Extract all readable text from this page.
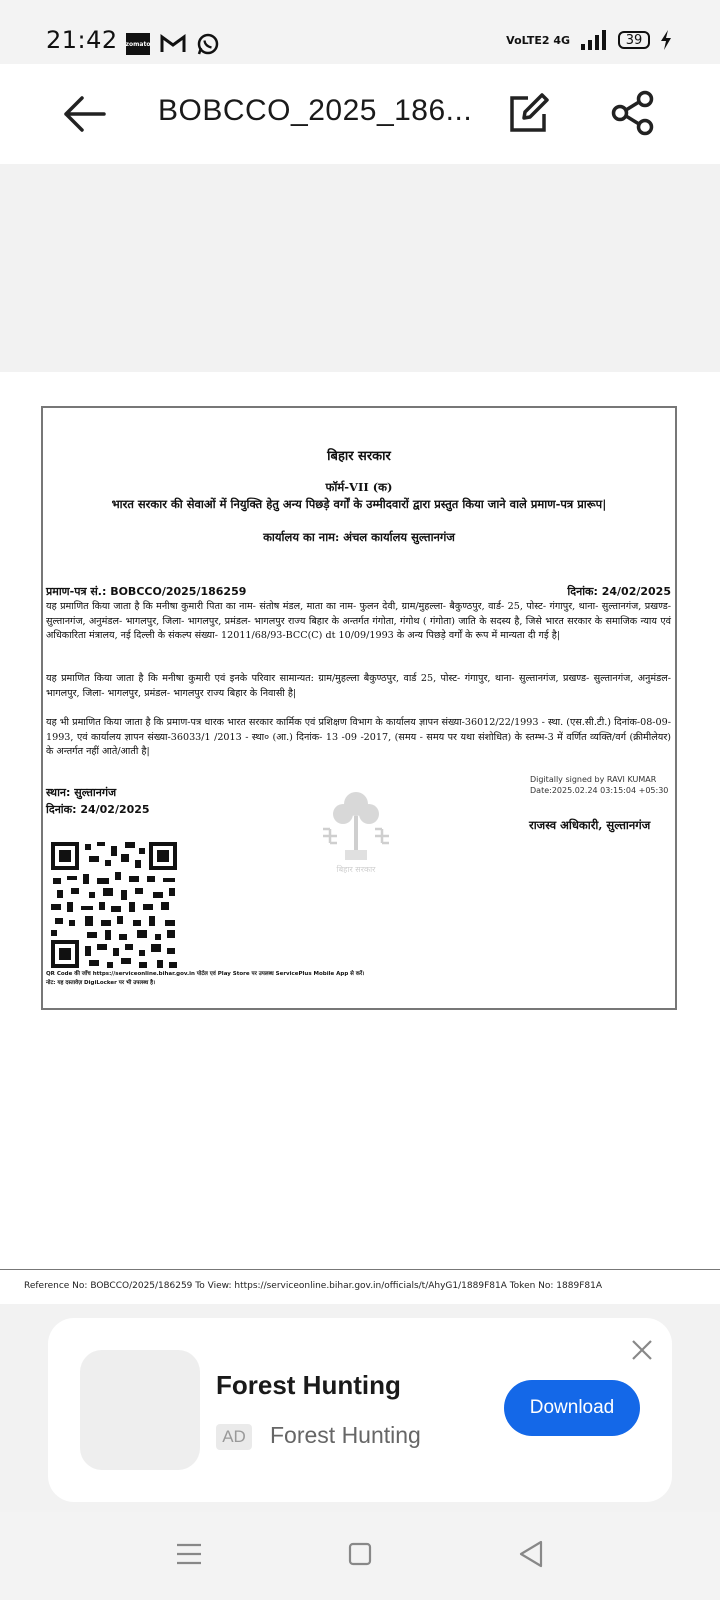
21:42 zomato	VoLTE2 4G	39
BOBCCO_2025_186...
बिहार सरकार
फॉर्म-VII (क)
भारत सरकार की सेवाओं में नियुक्ति हेतु अन्य पिछड़े वर्गों के उम्मीदवारों द्वारा प्रस्तुत किया जाने वाले प्रमाण-पत्र प्रारूप|
कार्यालय का नाम: अंचल कार्यालय सुल्तानगंज
प्रमाण-पत्र सं.: BOBCCO/2025/186259	दिनांक: 24/02/2025
यह प्रमाणित किया जाता है कि मनीषा कुमारी पिता का नाम- संतोष मंडल, माता का नाम- फुलन देवी, ग्राम/मुहल्ला- बैकुण्ठपुर, वार्ड- 25, पोस्ट- गंगापुर, थाना- सुल्तानगंज, प्रखण्ड- सुल्तानगंज, अनुमंडल- भागलपुर, जिला- भागलपुर, प्रमंडल- भागलपुर राज्य बिहार के अन्तर्गत गंगोता, गंगोथ ( गंगोता) जाति के सदस्य है, जिसे भारत सरकार के समाजिक न्याय एवं अधिकारिता मंत्रालय, नई दिल्ली के संकल्प संख्या- 12011/68/93-BCC(C) dt 10/09/1993 के अन्य पिछड़े वर्गों के रूप में मान्यता दी गई है|
यह प्रमाणित किया जाता है कि मनीषा कुमारी एवं इनके परिवार सामान्यत: ग्राम/मुहल्ला बैकुण्ठपुर, वार्ड 25, पोस्ट- गंगापुर, थाना- सुल्तानगंज, प्रखण्ड- सुल्तानगंज, अनुमंडल- भागलपुर, जिला- भागलपुर, प्रमंडल- भागलपुर राज्य बिहार के निवासी है|
यह भी प्रमाणित किया जाता है कि प्रमाण-पत्र धारक भारत सरकार कार्मिक एवं प्रशिक्षण विभाग के कार्यालय ज्ञापन संख्या-36012/22/1993 - स्था. (एस.सी.टी.) दिनांक-08-09-1993, एवं कार्यालय ज्ञापन संख्या-36033/1 /2013 - स्था० (आ.) दिनांक- 13 -09 -2017, (समय - समय पर यथा संशोधित) के स्तम्भ-3 में वर्णित व्यक्ति/वर्ग (क्रीमीलेयर) के अन्तर्गत नहीं आते/आती है|
स्थान: सुल्तानगंज
दिनांक: 24/02/2025
Digitally signed by RAVI KUMAR
Date:2025.02.24 03:15:04 +05:30
राजस्व अधिकारी, सुल्तानगंज
बिहार सरकार
QR Code की जाँच https://serviceonline.bihar.gov.in पोर्टल एवं Play Store पर उपलब्ध ServicePlus Mobile App से करें।
नोट: यह दस्तावेज़ DigiLocker पर भी उपलब्ध है।
Reference No: BOBCCO/2025/186259 To View: https://serviceonline.bihar.gov.in/officials/t/AhyG1/1889F81A Token No: 1889F81A
Forest Hunting
AD Forest Hunting
Download
